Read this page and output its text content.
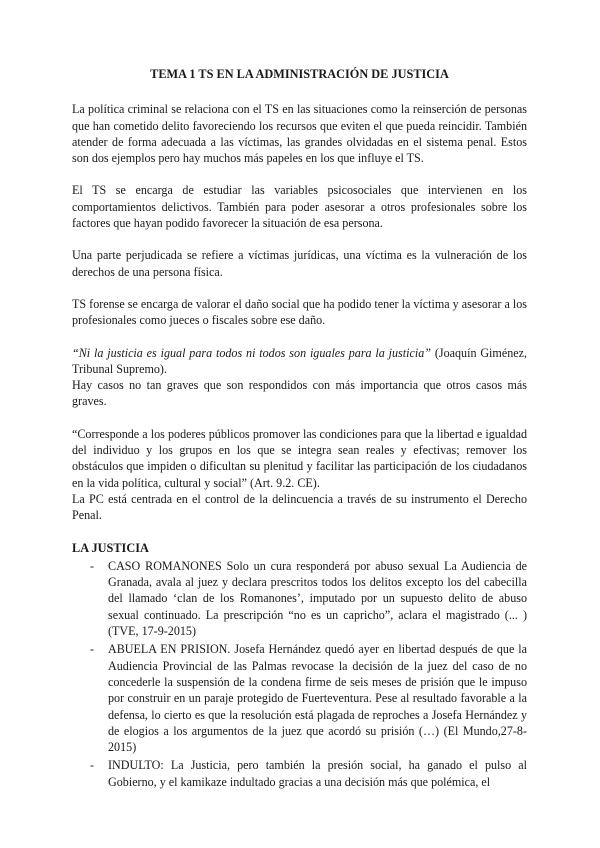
TEMA 1 TS EN LA ADMINISTRACIÓN DE JUSTICIA

La política criminal se relaciona con el TS en las situaciones como la reinserción de personas que han cometido delito favoreciendo los recursos que eviten el que pueda reincidir. También atender de forma adecuada a las víctimas, las grandes olvidadas en el sistema penal. Estos son dos ejemplos pero hay muchos más papeles en los que influye el TS.

El TS se encarga de estudiar las variables psicosociales que intervienen en los comportamientos delictivos. También para poder asesorar a otros profesionales sobre los factores que hayan podido favorecer la situación de esa persona.

Una parte perjudicada se refiere a víctimas jurídicas, una víctima es la vulneración de los derechos de una persona física.

TS forense se encarga de valorar el daño social que ha podido tener la víctima y asesorar a los profesionales como jueces o fiscales sobre ese daño.

“Ni la justicia es igual para todos ni todos son iguales para la justicia” (Joaquín Giménez, Tribunal Supremo).

Hay casos no tan graves que son respondidos con más importancia que otros casos más graves.

“Corresponde a los poderes públicos promover las condiciones para que la libertad e igualdad del individuo y los grupos en los que se integra sean reales y efectivas; remover los obstáculos que impiden o dificultan su plenitud y facilitar las participación de los ciudadanos en la vida política, cultural y social” (Art. 9.2. CE).

La PC está centrada en el control de la delincuencia a través de su instrumento el Derecho Penal.

LA JUSTICIA
- CASO ROMANONES Solo un cura responderá por abuso sexual La Audiencia de Granada, avala al juez y declara prescritos todos los delitos excepto los del cabecilla del llamado ‘clan de los Romanones’, imputado por un supuesto delito de abuso sexual continuado. La prescripción “no es un capricho”, aclara el magistrado (... ) (TVE, 17-9-2015)
- ABUELA EN PRISION. Josefa Hernández quedó ayer en libertad después de que la Audiencia Provincial de las Palmas revocase la decisión de la juez del caso de no concederle la suspensión de la condena firme de seis meses de prisión que le impuso por construir en un paraje protegido de Fuerteventura. Pese al resultado favorable a la defensa, lo cierto es que la resolución está plagada de reproches a Josefa Hernández y de elogios a los argumentos de la juez que acordó su prisión (…) (El Mundo,27-8-2015)
- INDULTO: La Justicia, pero también la presión social, ha ganado el pulso al Gobierno, y el kamikaze indultado gracias a una decisión más que polémica, el
